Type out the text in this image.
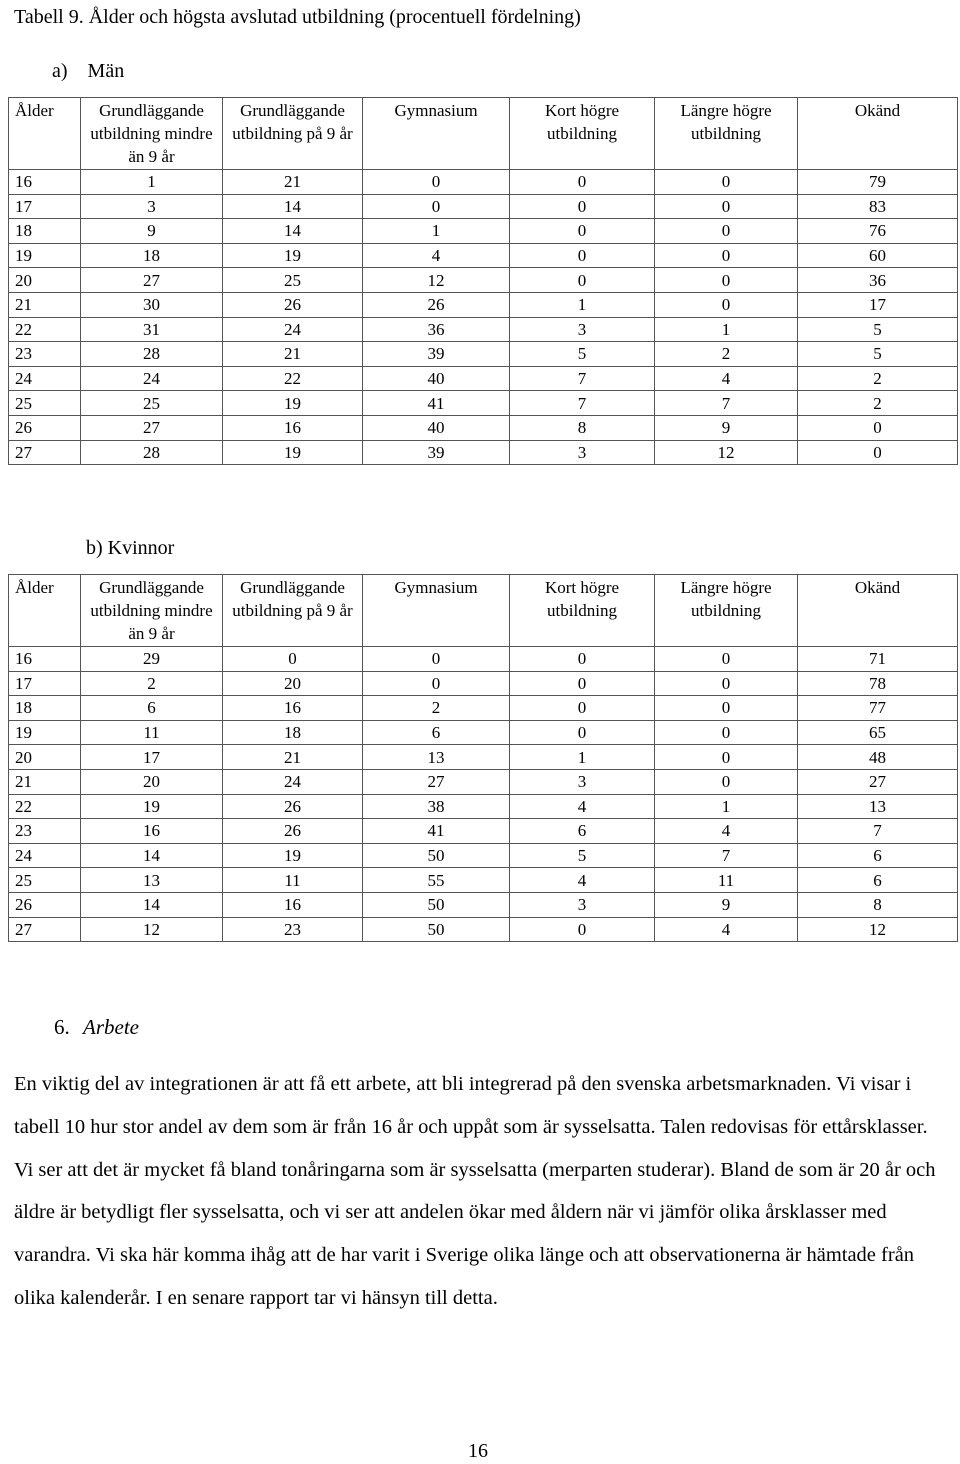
Tabell 9. Ålder och högsta avslutad utbildning (procentuell fördelning)
a) Män
Ålder	Grundläggande utbildning mindre än 9 år	Grundläggande utbildning på 9 år	Gymnasium	Kort högre utbildning	Längre högre utbildning	Okänd
16	1	21	0	0	0	79
17	3	14	0	0	0	83
18	9	14	1	0	0	76
19	18	19	4	0	0	60
20	27	25	12	0	0	36
21	30	26	26	1	0	17
22	31	24	36	3	1	5
23	28	21	39	5	2	5
24	24	22	40	7	4	2
25	25	19	41	7	7	2
26	27	16	40	8	9	0
27	28	19	39	3	12	0
b) Kvinnor
Ålder	Grundläggande utbildning mindre än 9 år	Grundläggande utbildning på 9 år	Gymnasium	Kort högre utbildning	Längre högre utbildning	Okänd
16	29	0	0	0	0	71
17	2	20	0	0	0	78
18	6	16	2	0	0	77
19	11	18	6	0	0	65
20	17	21	13	1	0	48
21	20	24	27	3	0	27
22	19	26	38	4	1	13
23	16	26	41	6	4	7
24	14	19	50	5	7	6
25	13	11	55	4	11	6
26	14	16	50	3	9	8
27	12	23	50	0	4	12
6. Arbete
En viktig del av integrationen är att få ett arbete, att bli integrerad på den svenska arbetsmarknaden. Vi visar i tabell 10 hur stor andel av dem som är från 16 år och uppåt som är sysselsatta. Talen redovisas för ettårsklasser. Vi ser att det är mycket få bland tonåringarna som är sysselsatta (merparten studerar). Bland de som är 20 år och äldre är betydligt fler sysselsatta, och vi ser att andelen ökar med åldern när vi jämför olika årsklasser med varandra. Vi ska här komma ihåg att de har varit i Sverige olika länge och att observationerna är hämtade från olika kalenderår. I en senare rapport tar vi hänsyn till detta.
16
